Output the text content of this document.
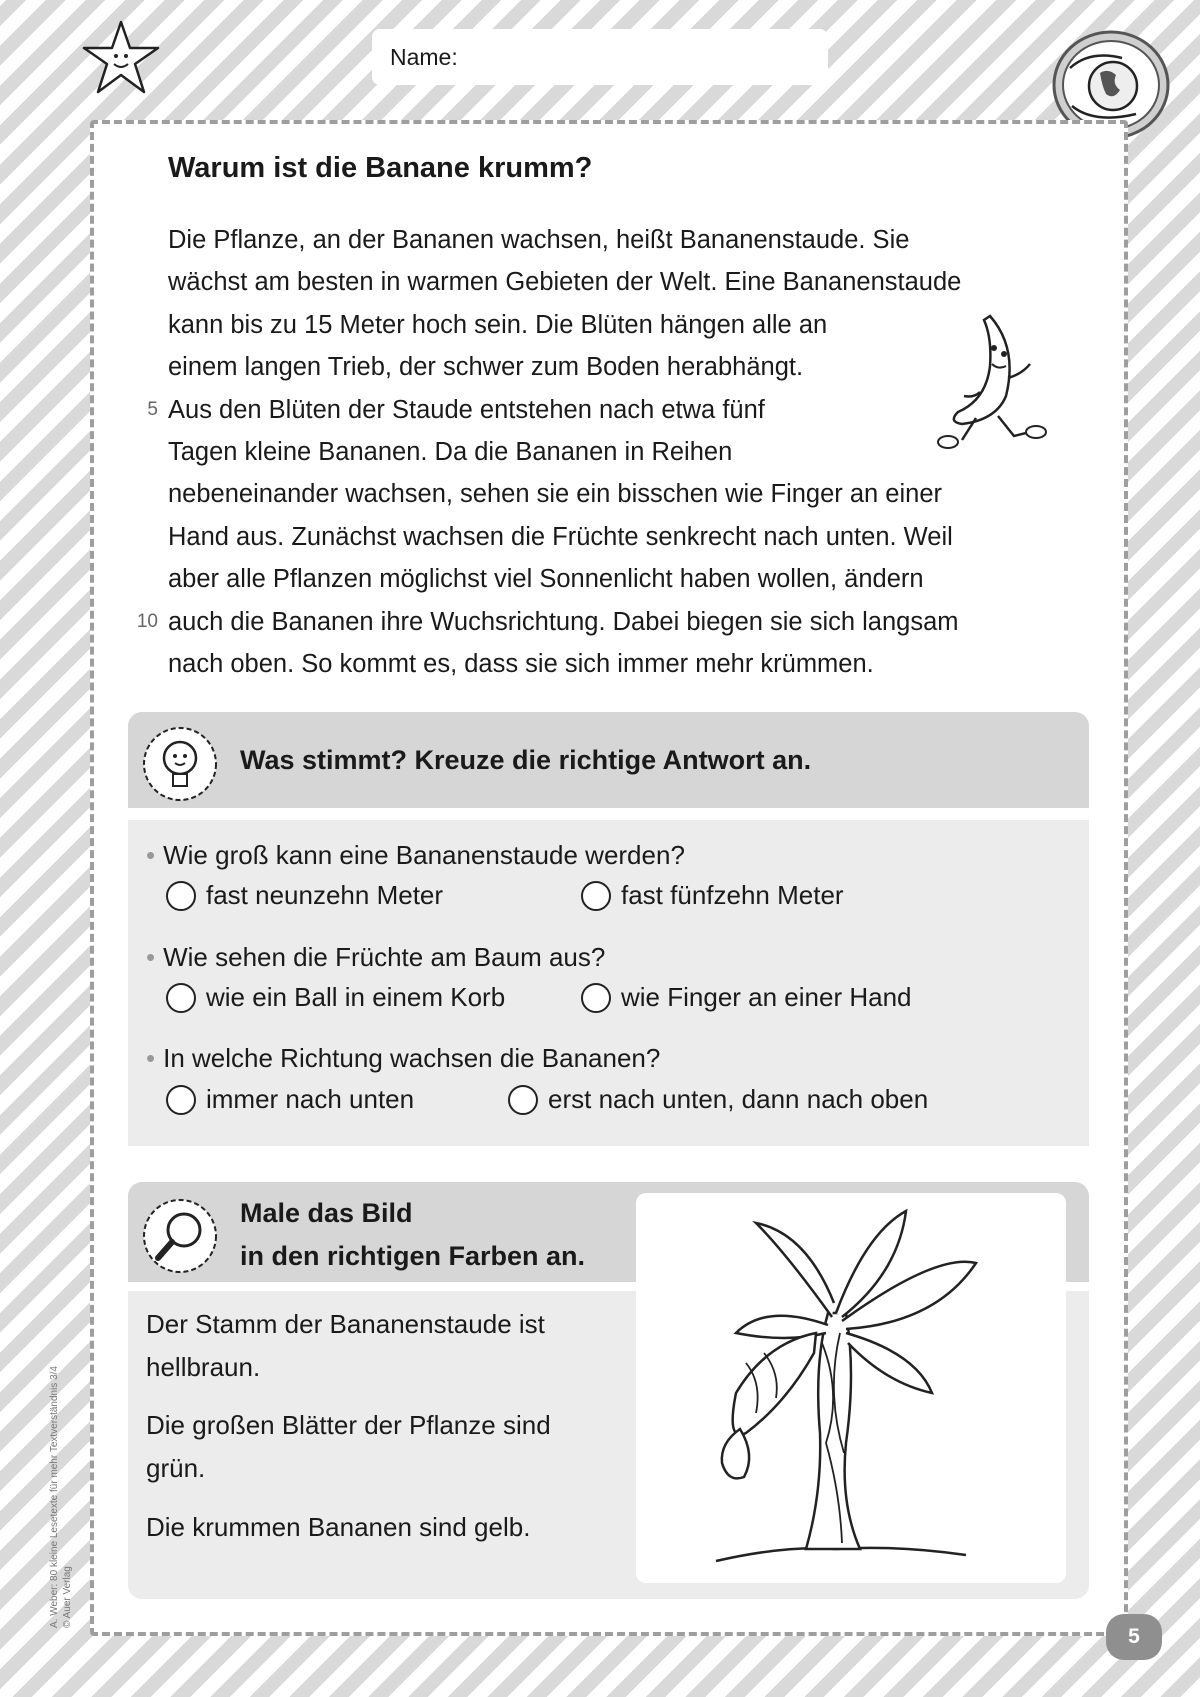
Name:
Warum ist die Banane krumm?
Die Pflanze, an der Bananen wachsen, heißt Bananenstaude. Sie
wächst am besten in warmen Gebieten der Welt. Eine Bananenstaude
kann bis zu 15 Meter hoch sein. Die Blüten hängen alle an
einem langen Trieb, der schwer zum Boden herabhängt.
5 Aus den Blüten der Staude entstehen nach etwa fünf
Tagen kleine Bananen. Da die Bananen in Reihen
nebeneinander wachsen, sehen sie ein bisschen wie Finger an einer
Hand aus. Zunächst wachsen die Früchte senkrecht nach unten. Weil
aber alle Pflanzen möglichst viel Sonnenlicht haben wollen, ändern
10 auch die Bananen ihre Wuchsrichtung. Dabei biegen sie sich langsam
nach oben. So kommt es, dass sie sich immer mehr krümmen.
Was stimmt? Kreuze die richtige Antwort an.
• Wie groß kann eine Bananenstaude werden?
fast neunzehn Meter	fast fünfzehn Meter
• Wie sehen die Früchte am Baum aus?
wie ein Ball in einem Korb	wie Finger an einer Hand
• In welche Richtung wachsen die Bananen?
immer nach unten	erst nach unten, dann nach oben
Male das Bild
in den richtigen Farben an.
Der Stamm der Bananenstaude ist hellbraun.
Die großen Blätter der Pflanze sind grün.
Die krummen Bananen sind gelb.
5
A. Weber: 80 kleine Lesetexte für mehr Textverständnis 3/4 © Auer Verlag
